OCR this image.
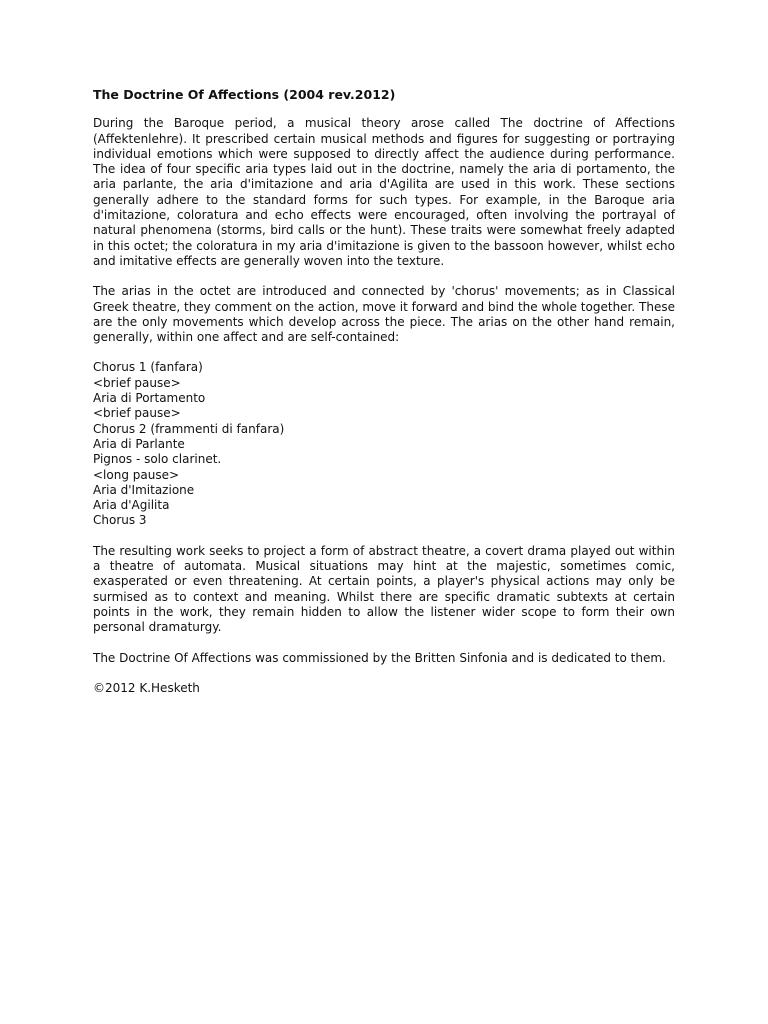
The Doctrine Of Affections (2004 rev.2012)

During the Baroque period, a musical theory arose called The doctrine of Affections (Affektenlehre). It prescribed certain musical methods and figures for suggesting or portraying individual emotions which were supposed to directly affect the audience during performance. The idea of four specific aria types laid out in the doctrine, namely the aria di portamento, the aria parlante, the aria d'imitazione and aria d'Agilita are used in this work. These sections generally adhere to the standard forms for such types. For example, in the Baroque aria d'imitazione, coloratura and echo effects were encouraged, often involving the portrayal of natural phenomena (storms, bird calls or the hunt). These traits were somewhat freely adapted in this octet; the coloratura in my aria d'imitazione is given to the bassoon however, whilst echo and imitative effects are generally woven into the texture.

The arias in the octet are introduced and connected by 'chorus' movements; as in Classical Greek theatre, they comment on the action, move it forward and bind the whole together. These are the only movements which develop across the piece. The arias on the other hand remain, generally, within one affect and are self-contained:

Chorus 1 (fanfara)
<brief pause>
Aria di Portamento
<brief pause>
Chorus 2 (frammenti di fanfara)
Aria di Parlante
Pignos - solo clarinet.
<long pause>
Aria d'Imitazione
Aria d'Agilita
Chorus 3

The resulting work seeks to project a form of abstract theatre, a covert drama played out within a theatre of automata. Musical situations may hint at the majestic, sometimes comic, exasperated or even threatening. At certain points, a player's physical actions may only be surmised as to context and meaning. Whilst there are specific dramatic subtexts at certain points in the work, they remain hidden to allow the listener wider scope to form their own personal dramaturgy.

The Doctrine Of Affections was commissioned by the Britten Sinfonia and is dedicated to them.

©2012 K.Hesketh
